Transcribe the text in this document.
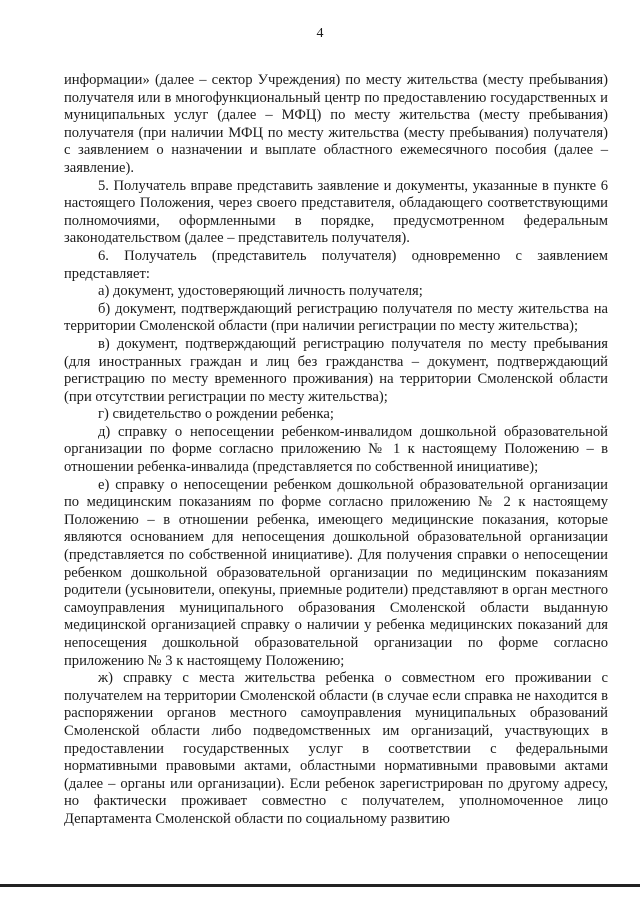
4

информации» (далее – сектор Учреждения) по месту жительства (месту пребывания) получателя или в многофункциональный центр по предоставлению государственных и муниципальных услуг (далее – МФЦ) по месту жительства (месту пребывания) получателя (при наличии МФЦ по месту жительства (месту пребывания) получателя) с заявлением о назначении и выплате областного ежемесячного пособия (далее – заявление).

5. Получатель вправе представить заявление и документы, указанные в пункте 6 настоящего Положения, через своего представителя, обладающего соответствующими полномочиями, оформленными в порядке, предусмотренном федеральным законодательством (далее – представитель получателя).

6. Получатель (представитель получателя) одновременно с заявлением представляет:

а) документ, удостоверяющий личность получателя;

б) документ, подтверждающий регистрацию получателя по месту жительства на территории Смоленской области (при наличии регистрации по месту жительства);

в) документ, подтверждающий регистрацию получателя по месту пребывания (для иностранных граждан и лиц без гражданства – документ, подтверждающий регистрацию по месту временного проживания) на территории Смоленской области (при отсутствии регистрации по месту жительства);

г) свидетельство о рождении ребенка;

д) справку о непосещении ребенком-инвалидом дошкольной образовательной организации по форме согласно приложению № 1 к настоящему Положению – в отношении ребенка-инвалида (представляется по собственной инициативе);

е) справку о непосещении ребенком дошкольной образовательной организации по медицинским показаниям по форме согласно приложению № 2 к настоящему Положению – в отношении ребенка, имеющего медицинские показания, которые являются основанием для непосещения дошкольной образовательной организации (представляется по собственной инициативе). Для получения справки о непосещении ребенком дошкольной образовательной организации по медицинским показаниям родители (усыновители, опекуны, приемные родители) представляют в орган местного самоуправления муниципального образования Смоленской области выданную медицинской организацией справку о наличии у ребенка медицинских показаний для непосещения дошкольной образовательной организации по форме согласно приложению № 3 к настоящему Положению;

ж) справку с места жительства ребенка о совместном его проживании с получателем на территории Смоленской области (в случае если справка не находится в распоряжении органов местного самоуправления муниципальных образований Смоленской области либо подведомственных им организаций, участвующих в предоставлении государственных услуг в соответствии с федеральными нормативными правовыми актами, областными нормативными правовыми актами (далее – органы или организации). Если ребенок зарегистрирован по другому адресу, но фактически проживает совместно с получателем, уполномоченное лицо Департамента Смоленской области по социальному развитию
